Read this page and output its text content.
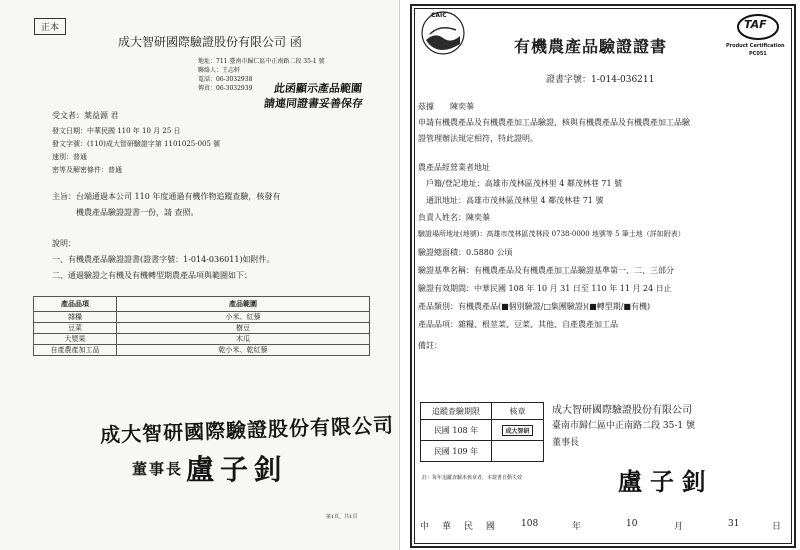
正本
成大智研國際驗證股份有限公司 函
地址：711 臺南市歸仁區中正南路二段 35-1 號
聯絡人：王志軒
電話：06-3032938
傳真：06-3032939 此函顯示產品範圍
請連同證書妥善保存
受文者：葉益源 君
發文日期：中華民國 110 年 10 月 25 日
發文字號：(110)成大智研驗證字第 1101025-005 號
速別：普通
密等及解密條件：普通
主旨：台端通過本公司 110 年度通過有機作物追蹤查驗，核發有
機農產品驗證證書一份，請 查照。
說明：
一、有機農產品驗證證書(證書字號：1-014-036011)如附件。
二、通過驗證之有機及有機轉型期農產品項與範圍如下：
產品品項	產品範圍
雜糧	小米、紅藜
豆菜	樹豆
大漿果	木瓜
自產農產加工品	乾小米、乾紅藜
成大智研國際驗證股份有限公司
董事長 盧子釗
第1頁，共1頁
CAIC
TAF
Product Certification
PC051
有機農產品驗證證書
證書字號：1-014-036211
茲據　　陳奕蓁
申請有機農產品及有機農產加工品驗證，核與有機農產品及有機農產加工品驗
證管理辦法規定相符，特此證明。
農產品經營業者地址
戶籍/登記地址：高雄市茂林區茂林里 4 鄰茂林巷 71 號
通訊地址：高雄市茂林區茂林里 4 鄰茂林巷 71 號
負責人姓名：陳奕蓁
驗證場所地址(地號)：高雄市茂林區茂林段 0738-0000 地號等 5 筆土地（詳如附表）
驗證總面積：0.5880 公頃
驗證基準名稱：有機農產品及有機農產加工品驗證基準第一、二、三部分
驗證有效期間：中華民國 108 年 10 月 31 日至 110 年 11 月 24 日止
產品類別：有機農產品(■個別驗證/□集團驗證)(■轉型期/■有機)
產品品項：雜糧、根莖菜、豆菜、其他、自產農產加工品
備註：
追蹤查驗期限	核章
民國 108 年	成大智研
民國 109 年	
註：每年追蹤查驗未核章者，本證書自動失效
成大智研國際驗證股份有限公司
臺南市歸仁區中正南路二段 35-1 號
董事長
盧子釗
中　華　民　國	108	年	10	月	31	日
